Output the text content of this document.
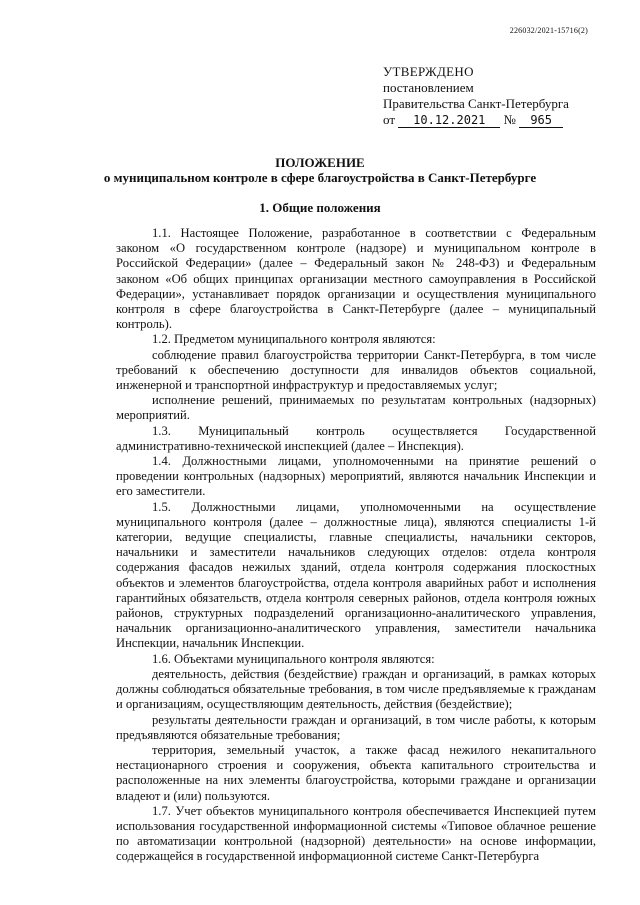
226032/2021-15716(2)
УТВЕРЖДЕНО
постановлением
Правительства Санкт-Петербурга
от 10.12.2021 № 965
ПОЛОЖЕНИЕ
о муниципальном контроле в сфере благоустройства в Санкт-Петербурге
1. Общие положения

1.1. Настоящее Положение, разработанное в соответствии с Федеральным законом «О государственном контроле (надзоре) и муниципальном контроле в Российской Федерации» (далее – Федеральный закон № 248-ФЗ) и Федеральным законом «Об общих принципах организации местного самоуправления в Российской Федерации», устанавливает порядок организации и осуществления муниципального контроля в сфере благоустройства в Санкт-Петербурге (далее – муниципальный контроль).

1.2. Предметом муниципального контроля являются:

соблюдение правил благоустройства территории Санкт-Петербурга, в том числе требований к обеспечению доступности для инвалидов объектов социальной, инженерной и транспортной инфраструктур и предоставляемых услуг;

исполнение решений, принимаемых по результатам контрольных (надзорных) мероприятий.

1.3. Муниципальный контроль осуществляется Государственной административно-технической инспекцией (далее – Инспекция).

1.4. Должностными лицами, уполномоченными на принятие решений о проведении контрольных (надзорных) мероприятий, являются начальник Инспекции и его заместители.

1.5. Должностными лицами, уполномоченными на осуществление муниципального контроля (далее – должностные лица), являются специалисты 1-й категории, ведущие специалисты, главные специалисты, начальники секторов, начальники и заместители начальников следующих отделов: отдела контроля содержания фасадов нежилых зданий, отдела контроля содержания плоскостных объектов и элементов благоустройства, отдела контроля аварийных работ и исполнения гарантийных обязательств, отдела контроля северных районов, отдела контроля южных районов, структурных подразделений организационно-аналитического управления, начальник организационно-аналитического управления, заместители начальника Инспекции, начальник Инспекции.

1.6. Объектами муниципального контроля являются:

деятельность, действия (бездействие) граждан и организаций, в рамках которых должны соблюдаться обязательные требования, в том числе предъявляемые к гражданам и организациям, осуществляющим деятельность, действия (бездействие);

результаты деятельности граждан и организаций, в том числе работы, к которым предъявляются обязательные требования;

территория, земельный участок, а также фасад нежилого некапитального нестационарного строения и сооружения, объекта капитального строительства и расположенные на них элементы благоустройства, которыми граждане и организации владеют и (или) пользуются.

1.7. Учет объектов муниципального контроля обеспечивается Инспекцией путем использования государственной информационной системы «Типовое облачное решение по автоматизации контрольной (надзорной) деятельности» на основе информации, содержащейся в государственной информационной системе Санкт-Петербурга
